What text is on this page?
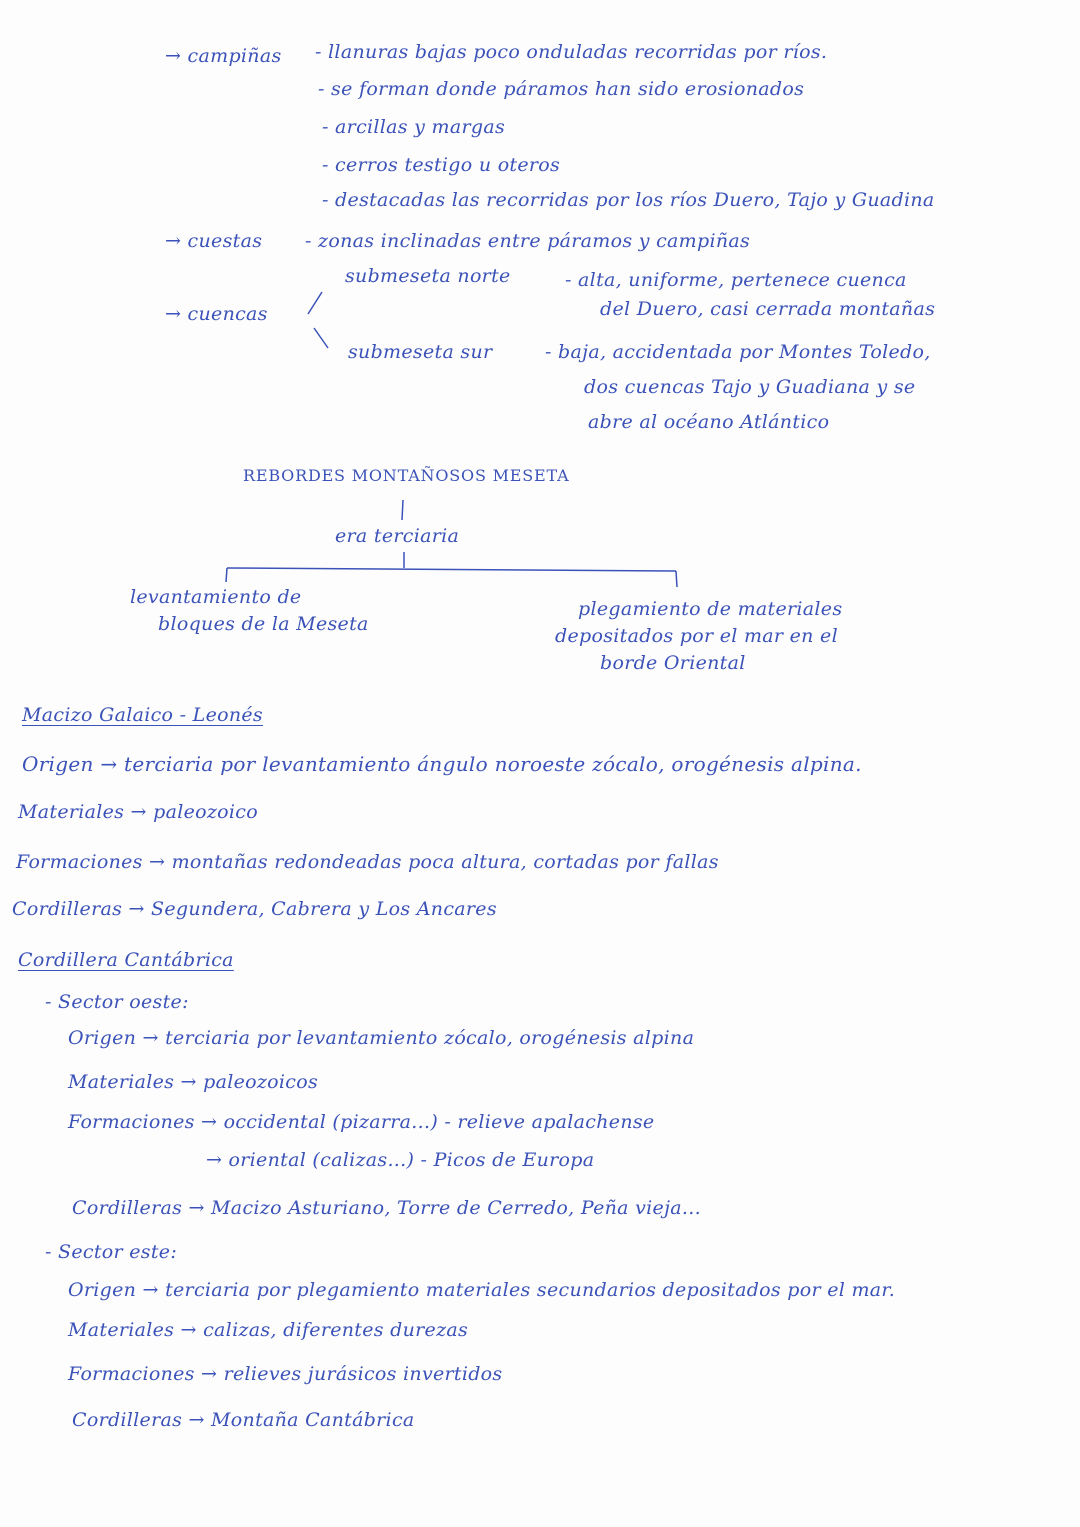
→ campiñas - llanuras bajas poco onduladas recorridas por ríos.
- se forman donde páramos han sido erosionados
- arcillas y margas
- cerros testigo u oteros
- destacadas las recorridas por los ríos Duero, Tajo y Guadina
→ cuestas - zonas inclinadas entre páramos y campiñas
→ cuencas
submeseta norte	- alta, uniforme, pertenece cuenca
del Duero, casi cerrada montañas
submeseta sur	- baja, accidentada por Montes Toledo,
dos cuencas Tajo y Guadiana y se
abre al océano Atlántico
REBORDES MONTAÑOSOS MESETA
era terciaria
levantamiento de
bloques de la Meseta
plegamiento de materiales
depositados por el mar en el
borde Oriental
Macizo Galaico - Leonés
Origen → terciaria por levantamiento ángulo noroeste zócalo, orogénesis alpina.
Materiales → paleozoico
Formaciones → montañas redondeadas poca altura, cortadas por fallas
Cordilleras → Segundera, Cabrera y Los Ancares
Cordillera Cantábrica
- Sector oeste:
Origen → terciaria por levantamiento zócalo, orogénesis alpina
Materiales → paleozoicos
Formaciones → occidental (pizarra...) - relieve apalachense
→ oriental (calizas...) - Picos de Europa
Cordilleras → Macizo Asturiano, Torre de Cerredo, Peña vieja...
- Sector este:
Origen → terciaria por plegamiento materiales secundarios depositados por el mar.
Materiales → calizas, diferentes durezas
Formaciones → relieves jurásicos invertidos
Cordilleras → Montaña Cantábrica
